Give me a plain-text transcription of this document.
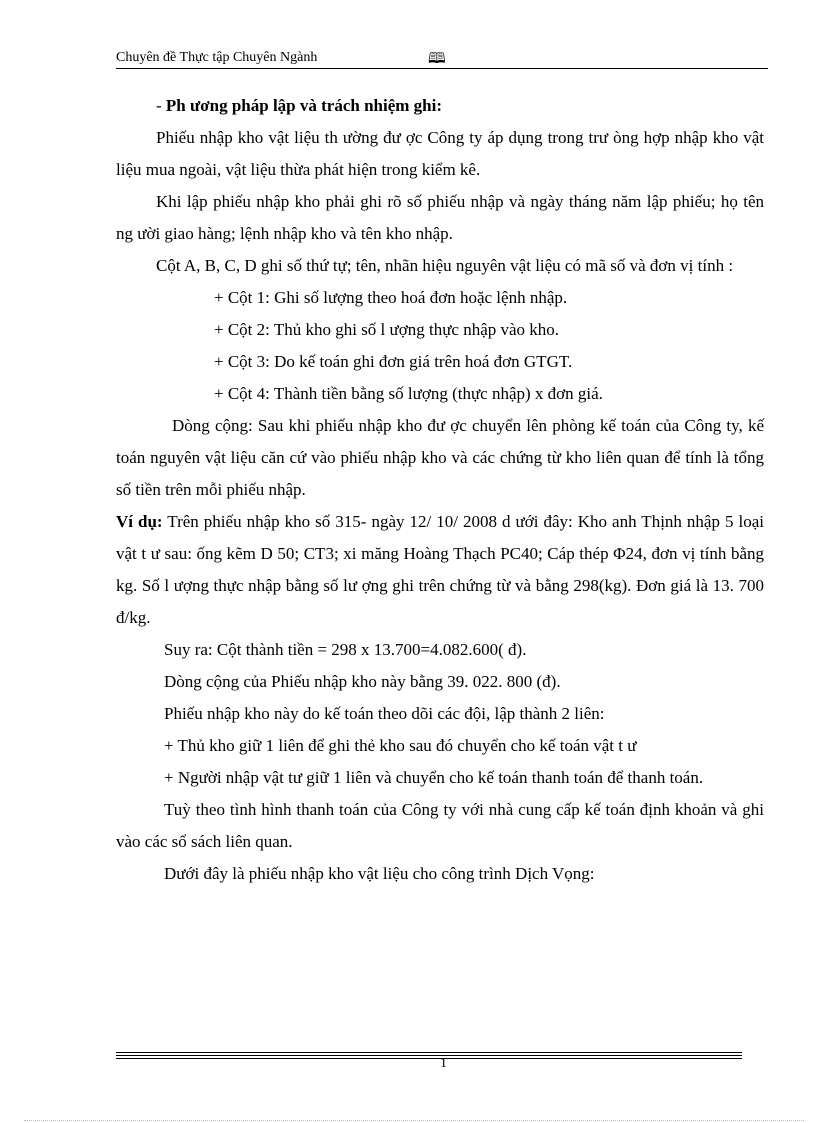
Chuyên đề Thực tập Chuyên Ngành	🕮

- Ph ương pháp lập và trách nhiệm ghi:

Phiếu nhập kho vật liệu th ường đư ợc Công ty áp dụng trong trư òng hợp nhập kho vật liệu mua ngoài, vật liệu thừa phát hiện trong kiểm kê.

Khi lập phiếu nhập kho phải ghi rõ số phiếu nhập và ngày tháng năm lập phiếu; họ tên ng ười giao hàng; lệnh nhập kho và tên kho nhập.

Cột A, B, C, D ghi số thứ tự; tên, nhãn hiệu nguyên vật liệu có mã số và đơn vị tính :

+ Cột 1: Ghi số lượng theo hoá đơn hoặc lệnh nhập.

+ Cột 2: Thủ kho ghi số l ượng thực nhập vào kho.

+ Cột 3: Do kế toán ghi đơn giá trên hoá đơn GTGT.

+ Cột 4: Thành tiền bằng số lượng (thực nhập) x đơn giá.

Dòng cộng: Sau khi phiếu nhập kho đư ợc chuyển lên phòng kế toán của Công ty, kế toán nguyên vật liệu căn cứ vào phiếu nhập kho và các chứng từ kho liên quan để tính là tổng số tiền trên mỗi phiếu nhập.

Ví dụ: Trên phiếu nhập kho số 315- ngày 12/ 10/ 2008 d ưới đây: Kho anh Thịnh nhập 5 loại vật t ư sau: ống kẽm D 50; CT3; xi măng Hoàng Thạch PC40; Cáp thép Φ24, đơn vị tính bằng kg. Số l ượng thực nhập bằng số lư ợng ghi trên chứng từ và bằng 298(kg). Đơn giá là 13. 700 đ/kg.

Suy ra: Cột thành tiền = 298 x 13.700=4.082.600( đ).

Dòng cộng của Phiếu nhập kho này bằng 39. 022. 800 (đ).

Phiếu nhập kho này do kế toán theo dõi các đội, lập thành 2 liên:

+ Thủ kho giữ 1 liên để ghi thẻ kho sau đó chuyển cho kế toán vật t ư

+ Người nhập vật tư giữ 1 liên và chuyển cho kế toán thanh toán để thanh toán.

Tuỳ theo tình hình thanh toán của Công ty với nhà cung cấp kế toán định khoản và ghi vào các sổ sách liên quan.

Dưới đây là phiếu nhập kho vật liệu cho công trình Dịch Vọng:

1
